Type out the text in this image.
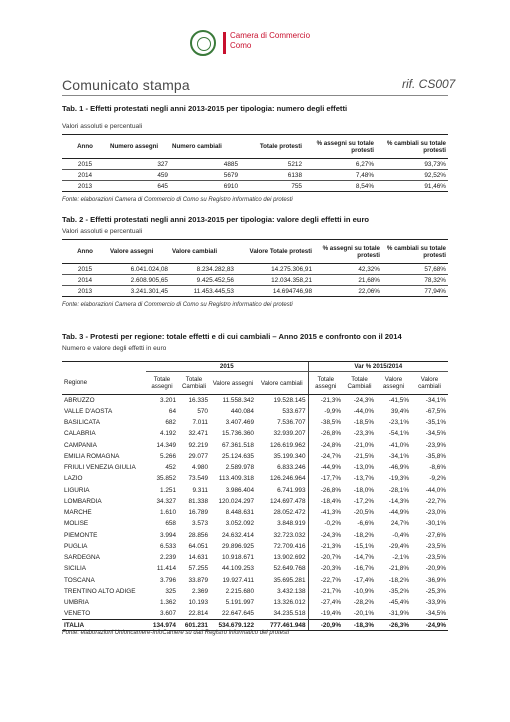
Camera di Commercio
Como
Comunicato stampa	rif. CS007
Tab. 1 - Effetti protestati negli anni 2013-2015 per tipologia: numero degli effetti
Valori assoluti e percentuali
Anno	Numero assegni	Numero cambiali	Totale protesti	% assegni su totale protesti	% cambiali su totale protesti
2015	327	4885	5212	6,27%	93,73%
2014	459	5679	6138	7,48%	92,52%
2013	645	6910	755	8,54%	91,46%
Fonte: elaborazioni Camera di Commercio di Como su Registro informatico dei protesti
Tab. 2 - Effetti protestati negli anni 2013-2015 per tipologia: valore degli effetti in euro
Valori assoluti e percentuali
Anno	Valore assegni	Valore cambiali	Valore Totale protesti	% assegni su totale protesti	% cambiali su totale protesti
2015	6.041.024,08	8.234.282,83	14.275.306,91	42,32%	57,68%
2014	2.608.905,65	9.425.452,56	12.034.358,21	21,68%	78,32%
2013	3.241.301,45	11.453.445,53	14.694746,98	22,06%	77,94%
Fonte: elaborazioni Camera di Commercio di Como su Registro informatico dei protesti
Tab. 3 - Protesti per regione: totale effetti e di cui cambiali – Anno 2015 e confronto con il 2014
Numero e valore degli effetti in euro
	2015				Var % 2015/2014			
Regione	Totale assegni	Totale Cambiali	Valore assegni	Valore cambiali	Totale assegni	Totale Cambiali	Valore assegni	Valore cambiali
ABRUZZO	3.201	16.335	11.558.342	19.528.145	-21,3%	-24,3%	-41,5%	-34,1%
VALLE D'AOSTA	64	570	440.084	533.677	-9,9%	-44,0%	39,4%	-67,5%
BASILICATA	682	7.011	3.407.469	7.536.707	-38,5%	-18,5%	-23,1%	-35,1%
CALABRIA	4.192	32.471	15.736.360	32.939.207	-26,8%	-23,3%	-54,1%	-34,5%
CAMPANIA	14.349	92.219	67.361.518	126.619.962	-24,8%	-21,0%	-41,0%	-23,9%
EMILIA ROMAGNA	5.266	29.077	25.124.635	35.199.340	-24,7%	-21,5%	-34,1%	-35,8%
FRIULI VENEZIA GIULIA	452	4.980	2.589.978	6.833.246	-44,9%	-13,0%	-46,9%	-8,6%
LAZIO	35.852	73.549	113.409.318	126.246.964	-17,7%	-13,7%	-19,3%	-9,2%
LIGURIA	1.251	9.311	3.986.404	6.741.993	-26,8%	-18,0%	-28,1%	-44,0%
LOMBARDIA	34.327	81.338	120.024.297	124.697.478	-18,4%	-17,2%	-14,3%	-22,7%
MARCHE	1.610	16.789	8.448.631	28.052.472	-41,3%	-20,5%	-44,9%	-23,0%
MOLISE	658	3.573	3.052.092	3.848.919	-0,2%	-6,6%	24,7%	-30,1%
PIEMONTE	3.994	28.856	24.632.414	32.723.032	-24,3%	-18,2%	-0,4%	-27,6%
PUGLIA	6.533	64.051	29.896.925	72.709.416	-21,3%	-15,1%	-29,4%	-23,5%
SARDEGNA	2.239	14.631	10.918.671	13.902.692	-20,7%	-14,7%	-2,1%	-23,5%
SICILIA	11.414	57.255	44.109.253	52.649.768	-20,3%	-16,7%	-21,8%	-20,9%
TOSCANA	3.796	33.879	19.927.411	35.695.281	-22,7%	-17,4%	-18,2%	-36,9%
TRENTINO ALTO ADIGE	325	2.369	2.215.680	3.432.138	-21,7%	-10,9%	-35,2%	-25,3%
UMBRIA	1.362	10.193	5.191.997	13.326.012	-27,4%	-28,2%	-45,4%	-33,9%
VENETO	3.607	22.814	22.647.645	34.235.518	-19,4%	-20,1%	-31,9%	-34,5%
ITALIA	134.974	601.231	534.679.122	777.461.948	-20,9%	-18,3%	-26,3%	-24,9%
Fonte: elaborazioni Unioncamere-InfoCamere su dati Registro informatico dei protesti
